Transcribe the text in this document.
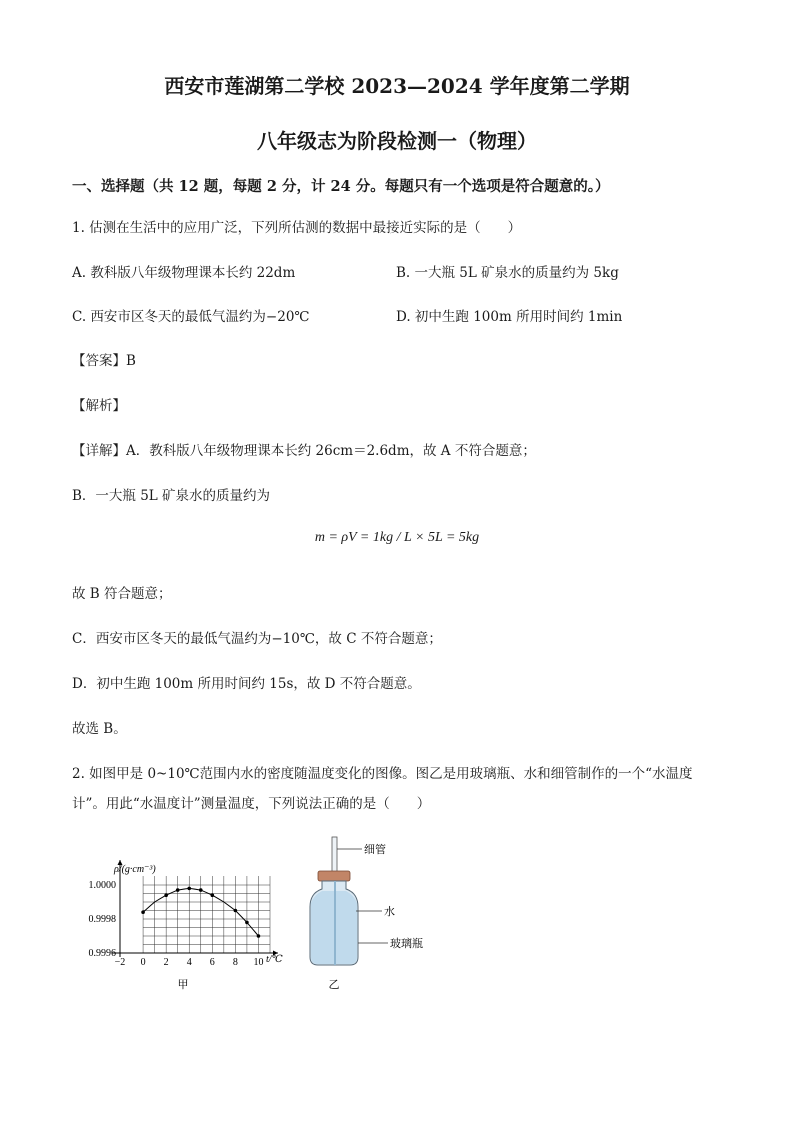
西安市莲湖第二学校 2023—2024 学年度第二学期
八年级志为阶段检测一（物理）
一、选择题（共 12 题，每题 2 分，计 24 分。每题只有一个选项是符合题意的。）
1. 估测在生活中的应用广泛，下列所估测的数据中最接近实际的是（　　）
A. 教科版八年级物理课本长约 22dm	B. 一大瓶 5L 矿泉水的质量约为 5kg
C. 西安市区冬天的最低气温约为−20℃	D. 初中生跑 100m 所用时间约 1min
【答案】B
【解析】
【详解】A．教科版八年级物理课本长约 26cm＝2.6dm，故 A 不符合题意；
B．一大瓶 5L 矿泉水的质量约为
m = ρV = 1kg / L × 5L = 5kg
故 B 符合题意；
C．西安市区冬天的最低气温约为−10℃，故 C 不符合题意；
D．初中生跑 100m 所用时间约 15s，故 D 不符合题意。
故选 B。
2. 如图甲是 0~10℃范围内水的密度随温度变化的图像。图乙是用玻璃瓶、水和细管制作的一个“水温度
计”。用此“水温度计”测量温度，下列说法正确的是（　　）
−2 0 2 4 6 8 10
1.0000
0.9998
0.9996
ρ/(g·cm⁻³)
t/℃
甲
细管
水
玻璃瓶
乙
